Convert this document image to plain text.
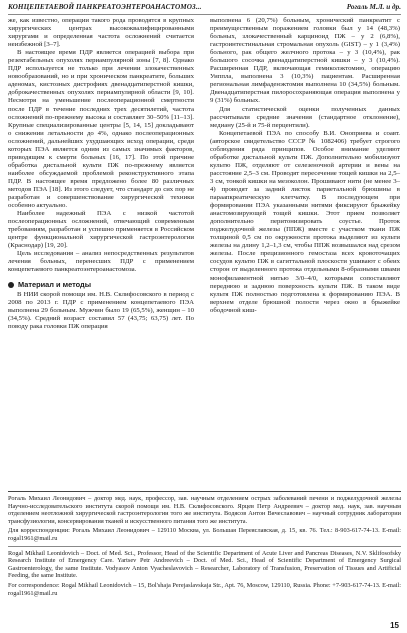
КОНЦЕПЕТАЕВОЙ ПАНКРЕАТОЭНТЕРОАНАСТОМОЗ...	Рогаль М.Л. и др.

же, как известно, операции такого рода проводятся в крупных хирургических центрах высококвалифицированными хирургами и определенная частота осложнений считается неизбежной [3–7].

В настоящее время ПДР является операцией выбора при резектабельных опухолях периампулярной зоны [7, 8]. Однако ПДР используется не только при лечении злокачественных новообразований, но и при хроническом панкреатите, больших аденомах, кистозных дистрофиях двенадцатиперстной кишки, доброкачественных опухолях периампулярной области [9, 10]. Несмотря на уменьшение послеоперационной смертности после ПДР в течение последних трех десятилетий, частота осложнений по-прежнему высока и составляет 30–50% [11–13]. Крупные специализированные центры [5, 14, 15] докладывают о снижении летальности до 4%, однако послеоперационных осложнений, дальнейших ухудшающих исход операции, среди которых ПЭА является одним из самых значимых факторов, приводящим к смерти больных [16, 17]. По этой причине обработка дистальной культи ПЖ по-прежнему является наиболее обсуждаемой проблемой реконструктивного этапа ПДР. В настоящее время предложено более 80 различных методов ПЭА [18]. Из этого следует, что стандарт до сих пор не разработан и совершенствование хирургической техники особенно актуально.

Наиболее надежный ПЭА с низкой частотой послеоперационных осложнений, отвечающий современным требованиям, разработан и успешно применяется в Российском центре функциональной хирургической гастроэнтерологии (Краснодар) [19, 20].

Цель исследования – анализ непосредственных результатов лечения больных, перенесших ПДР с применением концепетаевого панкреатоэнтероанастомоза.

Материал и методы

В НИИ скорой помощи им. Н.В. Склифосовского в период с 2008 по 2013 г. ПДР с применением концепетаевого ПЭА выполнена 29 больным. Мужчин было 19 (65,5%), женщин – 10 (34,5%). Средний возраст составил 57 (43,75; 63,75) лет. По поводу рака головки ПЖ операция

выполнена 6 (20,7%) больным, хронический панкреатит с преимущественным поражением головки был у 14 (48,3%) больных, злокачественный карциноид ПЖ – у 2 (6,8%), гастроинтестинальная стромальная опухоль (GIST) – у 1 (3,4%) больного, рак общего желчного протока – у 3 (10,4%), рак большого сосочка двенадцатиперстной кишки – у 3 (10,4%). Расширенная ПДР, включающая гемиколэктомию, операцию Уиппла, выполнена 3 (10,3%) пациентам. Расширенная региональная лимфаденэктомия выполнена 10 (34,5%) больным. Двенадцатиперстная пилоросохраняющая операция выполнена у 9 (31%) больных.

Для статистической оценки полученных данных рассчитывали средние значения (стандартное отклонение), медиану (25-й и 75-й перцентили).

Концепетаевой ПЭА по способу В.И. Оноприева и соавт. (авторское свидетельство СССР № 1082406) требует строгого соблюдения ряда принципов. Особое внимание уделяют обработке дистальной культи ПЖ. Дополнительно мобилизуют культю ПЖ, отделяют от селезеночной артерии и вены на расстояние 2,5–3 см. Проводят пересечение тощей кишки на 2,5–3 см, тонкой кишки на мезоколон. Прошивают нити (не менее 3–4) проводят за задний листок париетальной брюшины в параапкреатическую клетчатку. В последующем при формировании ПЭА указанными нитями фиксируют брыжейку анастомозирующей тощей кишки. Этот прием позволяет дополнительно перитонизировать соустье. Проток поджелудочной железы (ППЖ) вместе с участком ткани ПЖ толщиной 0,5 см по окружности протока выделяют из культи железы на длину 1,2–1,3 см, чтобы ППЖ возвышался над срезом железы. После прецизионного гемостаза всех кровоточащих сосудов культю ПЖ в сагиттальной плоскости ушивают с обеих сторон от выделенного протока отдельными 8-образными швами монофиламентной нитью 3/0–4/0, которыми сопоставляют переднюю и заднюю поверхность культи ПЖ. В таком виде культя ПЖ полностью подготовлена к формированию ПЭА. В верхнем отделе брюшной полости через окно в брыжейке ободочной киш-

Рогаль Михаил Леонидович – доктор мед. наук, профессор, зав. научным отделением острых заболеваний печени и поджелудочной железы Научно-исследовательского института скорой помощи им. Н.В. Склифосовского. Ярцев Петр Андреевич – доктор мед. наук, зав. научным отделением неотложной хирургической гастроэнтерологии того же института. Водясов Антон Вячеславович – научный сотрудник лаборатории трансфузиологии, консервирования тканей и искусственного питания того же института.

Для корреспонденции: Рогаль Михаил Леонидович – 129110 Москва, ул. Большая Переяславская, д. 15, кв. 76. Тел.: 8-903-617-74-13. E-mail: rogal1961@mail.ru

Rogal Mikhail Leonidovich – Doct. of Med. Sci., Professor, Head of the Scientific Department of Acute Liver and Pancreas Diseases, N.V. Sklifosofsky Research Institute of Emergency Care. Yartsev Petr Andreevich – Doct. of Med. Sci., Head of Scientific Department of Emergency Surgical Gastroenterology, the same Institute. Vodyasov Anton Vyacheslavovich – Researcher, Laboratory of Transfusion, Preservation of Tissues and Artificial Feeding, the same Institute.

For correspondence: Rogal Mikhail Leonidovich – 15, Bol'shaja Perejaslavskaja Str., Apt. 76, Moscow, 129110, Russia. Phone: +7-903-617-74-13. E-mail: rogal1961@mail.ru

15
